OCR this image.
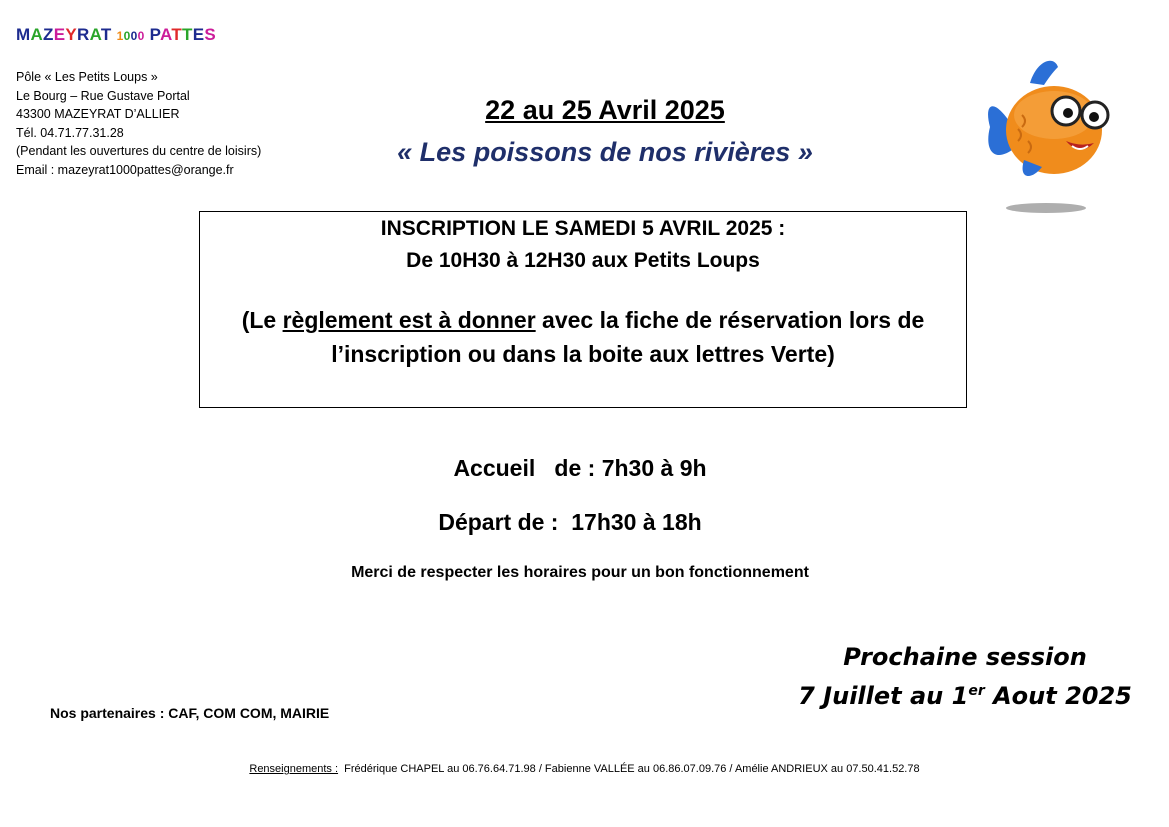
MAZEYRAT 1000 PATTES
Pôle « Les Petits Loups »
Le Bourg – Rue Gustave Portal
43300 MAZEYRAT D’ALLIER
Tél. 04.71.77.31.28
(Pendant les ouvertures du centre de loisirs)
Email : mazeyrat1000pattes@orange.fr
22 au 25 Avril 2025
« Les poissons de nos rivières »
INSCRIPTION LE SAMEDI 5 AVRIL 2025 :
De 10H30 à 12H30 aux Petits Loups
(Le règlement est à donner avec la fiche de réservation lors de
l’inscription ou dans la boite aux lettres Verte)
Accueil   de : 7h30 à 9h
Départ de :  17h30 à 18h
Merci de respecter les horaires pour un bon fonctionnement
Prochaine session
7 Juillet au 1er Aout 2025
Nos partenaires : CAF, COM COM, MAIRIE
Renseignements :  Frédérique CHAPEL au 06.76.64.71.98 / Fabienne VALLÉE au 06.86.07.09.76 / Amélie ANDRIEUX au 07.50.41.52.78
